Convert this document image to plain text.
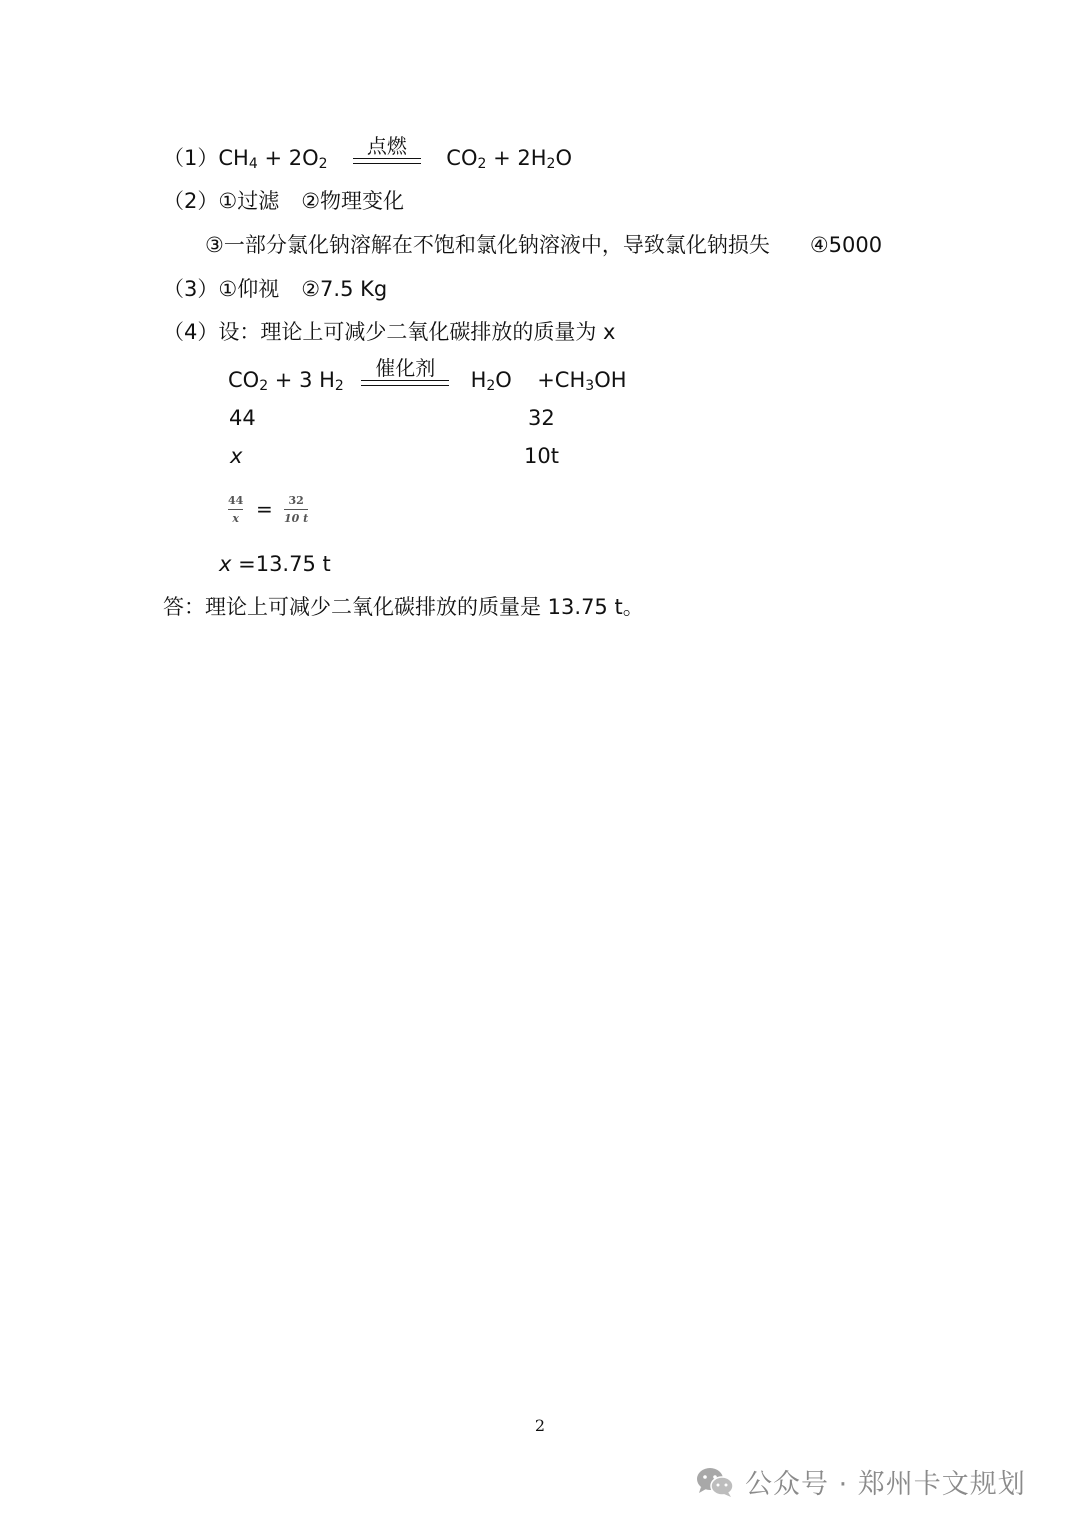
$(1)CH_4 + 2O_2$
点燃
$CO_2 + 2H_2O$
（2）①过滤 ②物理变化
③一部分氯化钠溶解在不饱和氯化钠溶液中，导致氯化钠损失 ④5000
（3）①仰视 ②7.5 Kg
（4）设：理论上可减少二氧化碳排放的质量为 x
$CO_2 + 3$ $H_2$
催化剂
$H_2O +CH_3OH$
44	32
x	10t
44
x = 32
10 t
x =13.75 t
答：理论上可减少二氧化碳排放的质量是 13.75 t。
2
公众号 · 郑州卡文规划
